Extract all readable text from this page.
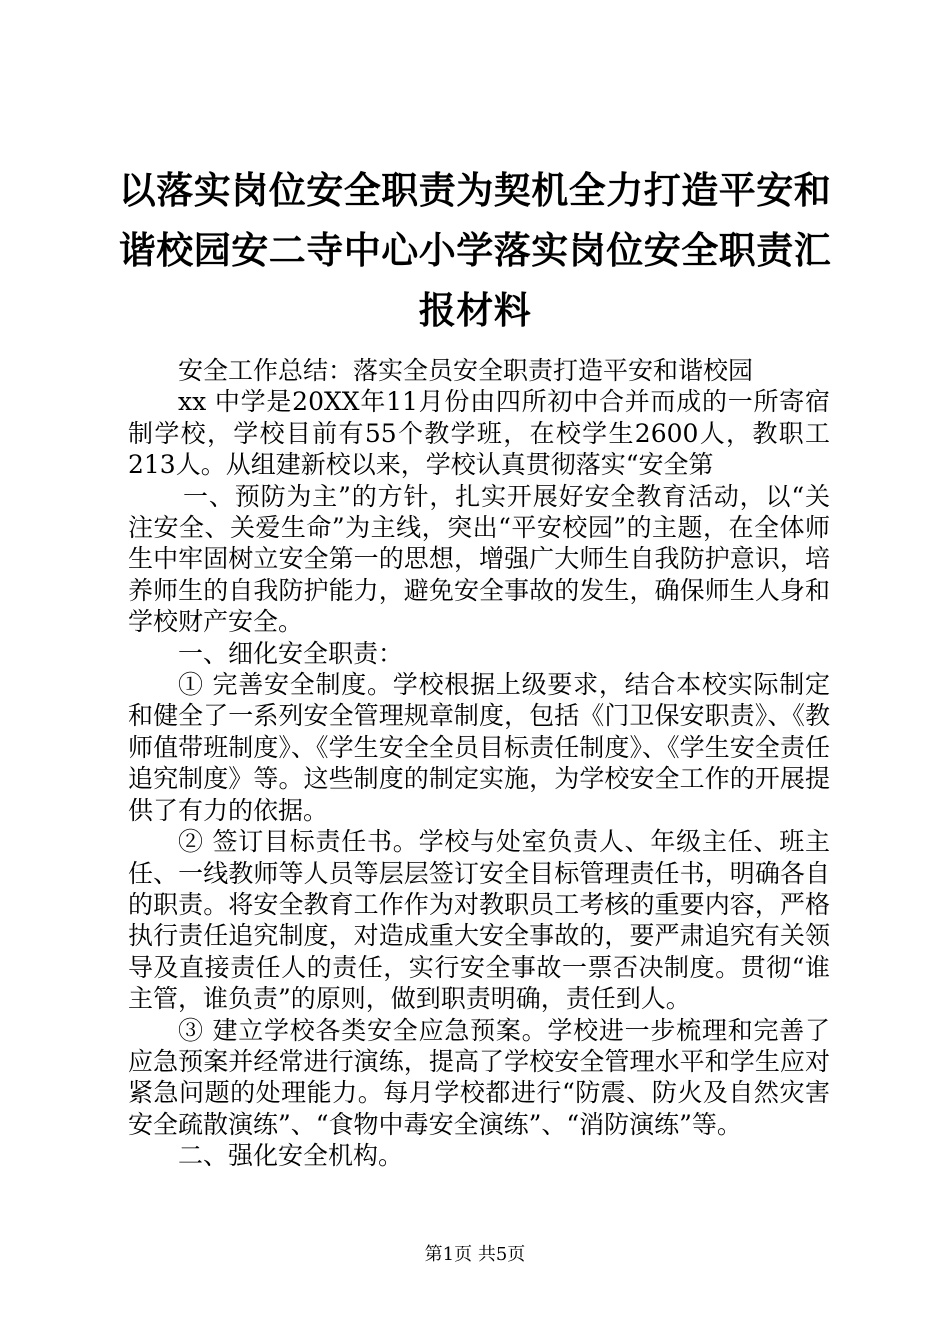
以落实岗位安全职责为契机全力打造平安和谐校园安二寺中心小学落实岗位安全职责汇报材料

安全工作总结：落实全员安全职责打造平安和谐校园

xx 中学是20XX年11月份由四所初中合并而成的一所寄宿制学校，学校目前有55个教学班，在校学生2600人，教职工213人。从组建新校以来，学校认真贯彻落实“安全第

一、预防为主”的方针，扎实开展好安全教育活动，以“关注安全、关爱生命”为主线，突出“平安校园”的主题，在全体师生中牢固树立安全第一的思想，增强广大师生自我防护意识，培养师生的自我防护能力，避免安全事故的发生，确保师生人身和学校财产安全。

一、细化安全职责：

① 完善安全制度。学校根据上级要求，结合本校实际制定和健全了一系列安全管理规章制度，包括《门卫保安职责》、《教师值带班制度》、《学生安全全员目标责任制度》、《学生安全责任追究制度》等。这些制度的制定实施，为学校安全工作的开展提供了有力的依据。

② 签订目标责任书。学校与处室负责人、年级主任、班主任、一线教师等人员等层层签订安全目标管理责任书，明确各自的职责。将安全教育工作作为对教职员工考核的重要内容，严格执行责任追究制度，对造成重大安全事故的，要严肃追究有关领导及直接责任人的责任，实行安全事故一票否决制度。贯彻“谁主管，谁负责”的原则，做到职责明确，责任到人。

③ 建立学校各类安全应急预案。学校进一步梳理和完善了应急预案并经常进行演练，提高了学校安全管理水平和学生应对紧急问题的处理能力。每月学校都进行“防震、防火及自然灾害安全疏散演练”、“食物中毒安全演练”、“消防演练”等。

二、强化安全机构。

第1页 共5页
